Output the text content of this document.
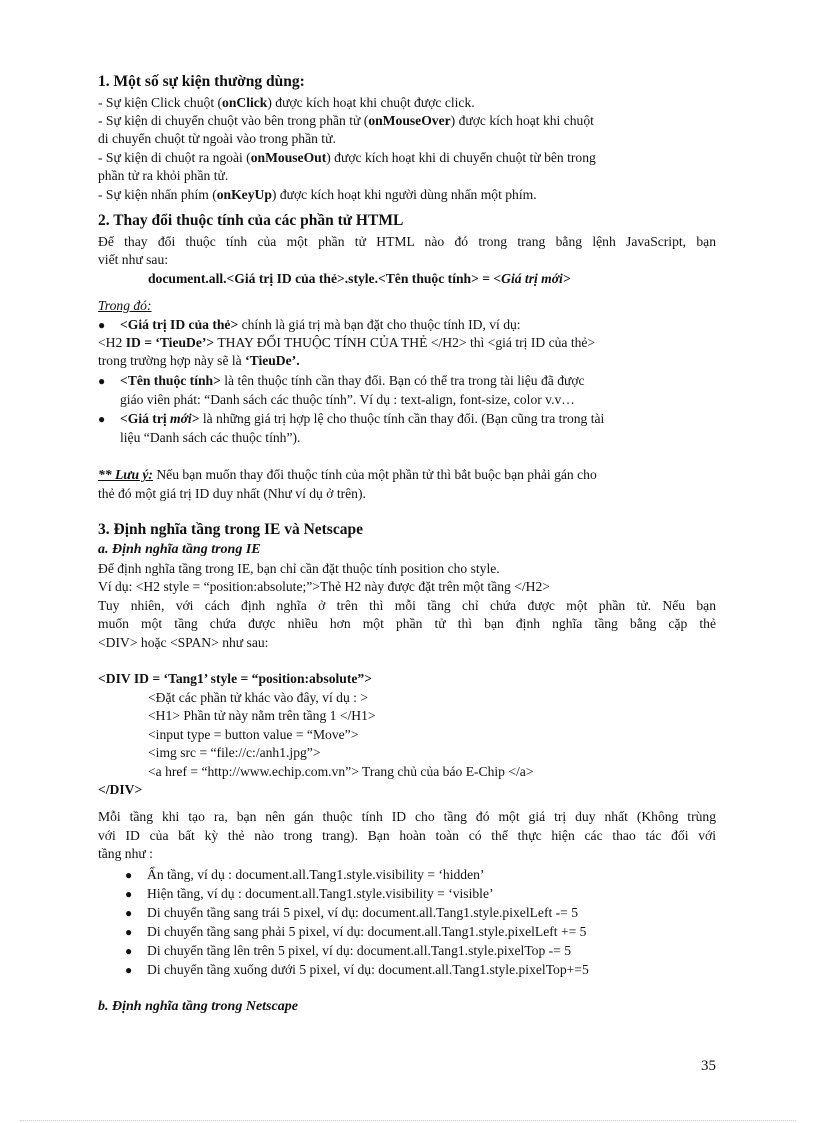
1. Một số sự kiện thường dùng:
- Sự kiện Click chuột (onClick) được kích hoạt khi chuột được click.
- Sự kiện di chuyển chuột vào bên trong phần tử (onMouseOver) được kích hoạt khi chuột
di chuyển chuột từ ngoài vào trong phần tử.
- Sự kiện di chuột ra ngoài (onMouseOut) được kích hoạt khi di chuyển chuột từ bên trong
phần tử ra khỏi phần tử.
- Sự kiện nhấn phím (onKeyUp) được kích hoạt khi người dùng nhấn một phím.
2. Thay đổi thuộc tính của các phần tử HTML
Để thay đổi thuộc tính của một phần tử HTML nào đó trong trang bằng lệnh JavaScript, bạn
viết như sau:
document.all.<Giá trị ID của thẻ>.style.<Tên thuộc tính> = <Giá trị mới>
Trong đó:
● <Giá trị ID của thẻ> chính là giá trị mà bạn đặt cho thuộc tính ID, ví dụ:
<H2 ID = ‘TieuDe’> THAY ĐỔI THUỘC TÍNH CỦA THẺ </H2> thì <giá trị ID của thẻ>
trong trường hợp này sẽ là ‘TieuDe’.
● <Tên thuộc tính> là tên thuộc tính cần thay đổi. Bạn có thể tra trong tài liệu đã được
giáo viên phát: “Danh sách các thuộc tính”. Ví dụ : text-align, font-size, color v.v…
● <Giá trị mới> là những giá trị hợp lệ cho thuộc tính cần thay đổi. (Bạn cũng tra trong tài
liệu “Danh sách các thuộc tính”).
** Lưu ý: Nếu bạn muốn thay đổi thuộc tính của một phần tử thì bắt buộc bạn phải gán cho
thẻ đó một giá trị ID duy nhất (Như ví dụ ở trên).
3. Định nghĩa tầng trong IE và Netscape
a. Định nghĩa tầng trong IE
Để định nghĩa tầng trong IE, bạn chỉ cần đặt thuộc tính position cho style.
Ví dụ: <H2 style = “position:absolute;”>Thẻ H2 này được đặt trên một tầng </H2>
Tuy nhiên, với cách định nghĩa ở trên thì mỗi tầng chỉ chứa được một phần tử. Nếu bạn
muốn một tầng chứa được nhiều hơn một phần tử thì bạn định nghĩa tầng bằng cặp thẻ
<DIV> hoặc <SPAN> như sau:
<DIV ID = ‘Tang1’ style = “position:absolute”>
<Đặt các phần tử khác vào đây, ví dụ : >
<H1> Phần tử này nằm trên tầng 1 </H1>
<input type = button value = “Move”>
<img src = “file://c:/anh1.jpg”>
<a href = “http://www.echip.com.vn”> Trang chủ của báo E-Chip </a>
</DIV>
Mỗi tầng khi tạo ra, bạn nên gán thuộc tính ID cho tầng đó một giá trị duy nhất (Không trùng
với ID của bất kỳ thẻ nào trong trang). Bạn hoàn toàn có thể thực hiện các thao tác đối với
tầng như :
● Ẩn tầng, ví dụ : document.all.Tang1.style.visibility = ‘hidden’
● Hiện tầng, ví dụ : document.all.Tang1.style.visibility = ‘visible’
● Di chuyển tầng sang trái 5 pixel, ví dụ: document.all.Tang1.style.pixelLeft -= 5
● Di chuyển tầng sang phải 5 pixel, ví dụ: document.all.Tang1.style.pixelLeft += 5
● Di chuyển tầng lên trên 5 pixel, ví dụ: document.all.Tang1.style.pixelTop -= 5
● Di chuyển tầng xuống dưới 5 pixel, ví dụ: document.all.Tang1.style.pixelTop+=5
b. Định nghĩa tầng trong Netscape
35
